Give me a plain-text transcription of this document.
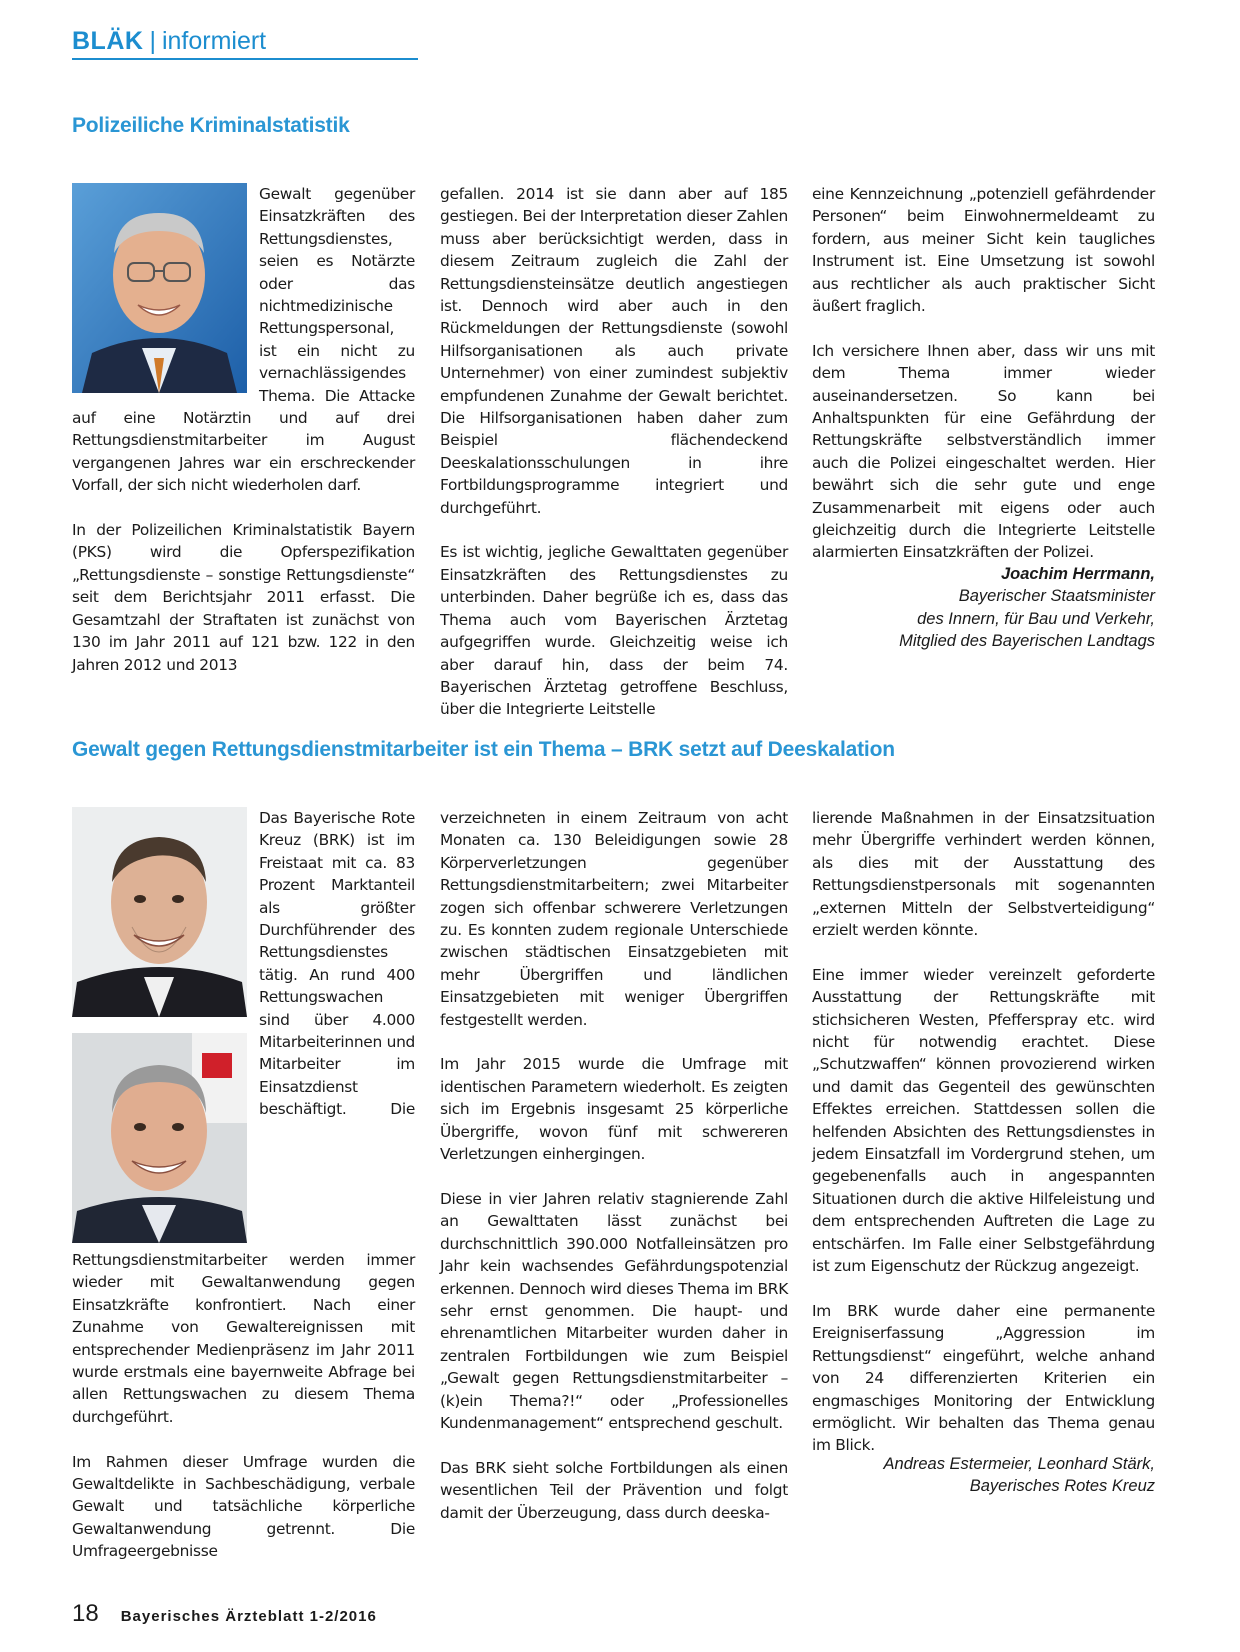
BLÄK | informiert
Polizeiliche Kriminalstatistik

Gewalt gegenüber Einsatzkräften des Rettungsdienstes, seien es Notärzte oder das nichtmedizinische Rettungspersonal, ist ein nicht zu vernachlässigendes Thema. Die Attacke auf eine Notärztin und auf drei Rettungsdienstmitarbeiter im August vergangenen Jahres war ein erschreckender Vorfall, der sich nicht wiederholen darf.

In der Polizeilichen Kriminalstatistik Bayern (PKS) wird die Opferspezifikation „Rettungsdienste – sonstige Rettungsdienste“ seit dem Berichtsjahr 2011 erfasst. Die Gesamtzahl der Straftaten ist zunächst von 130 im Jahr 2011 auf 121 bzw. 122 in den Jahren 2012 und 2013

gefallen. 2014 ist sie dann aber auf 185 gestiegen. Bei der Interpretation dieser Zahlen muss aber berücksichtigt werden, dass in diesem Zeitraum zugleich die Zahl der Rettungsdiensteinsätze deutlich angestiegen ist. Dennoch wird aber auch in den Rückmeldungen der Rettungsdienste (sowohl Hilfsorganisationen als auch private Unternehmer) von einer zumindest subjektiv empfundenen Zunahme der Gewalt berichtet. Die Hilfsorganisationen haben daher zum Beispiel flächendeckend Deeskalationsschulungen in ihre Fortbildungsprogramme integriert und durchgeführt.

Es ist wichtig, jegliche Gewalttaten gegenüber Einsatzkräften des Rettungsdienstes zu unterbinden. Daher begrüße ich es, dass das Thema auch vom Bayerischen Ärztetag aufgegriffen wurde. Gleichzeitig weise ich aber darauf hin, dass der beim 74. Bayerischen Ärztetag getroffene Beschluss, über die Integrierte Leitstelle

eine Kennzeichnung „potenziell gefährdender Personen“ beim Einwohnermeldeamt zu fordern, aus meiner Sicht kein taugliches Instrument ist. Eine Umsetzung ist sowohl aus rechtlicher als auch praktischer Sicht äußert fraglich.

Ich versichere Ihnen aber, dass wir uns mit dem Thema immer wieder auseinandersetzen. So kann bei Anhaltspunkten für eine Gefährdung der Rettungskräfte selbstverständlich immer auch die Polizei eingeschaltet werden. Hier bewährt sich die sehr gute und enge Zusammenarbeit mit eigens oder auch gleichzeitig durch die Integrierte Leitstelle alarmierten Einsatzkräften der Polizei.

Joachim Herrmann,
Bayerischer Staatsminister
des Innern, für Bau und Verkehr,
Mitglied des Bayerischen Landtags
Gewalt gegen Rettungsdienstmitarbeiter ist ein Thema – BRK setzt auf Deeskalation

Das Bayerische Rote Kreuz (BRK) ist im Freistaat mit ca. 83 Prozent Marktanteil als größter Durchführender des Rettungsdienstes tätig. An rund 400 Rettungswachen sind über 4.000 Mitarbeiterinnen und Mitarbeiter im Einsatzdienst beschäftigt. Die Rettungsdienstmitarbeiter werden immer wieder mit Gewaltanwendung gegen Einsatzkräfte konfrontiert. Nach einer Zunahme von Gewaltereignissen mit entsprechender Medienpräsenz im Jahr 2011 wurde erstmals eine bayernweite Abfrage bei allen Rettungswachen zu diesem Thema durchgeführt.

Im Rahmen dieser Umfrage wurden die Gewaltdelikte in Sachbeschädigung, verbale Gewalt und tatsächliche körperliche Gewaltanwendung getrennt. Die Umfrageergebnisse

verzeichneten in einem Zeitraum von acht Monaten ca. 130 Beleidigungen sowie 28 Körperverletzungen gegenüber Rettungsdienstmitarbeitern; zwei Mitarbeiter zogen sich offenbar schwerere Verletzungen zu. Es konnten zudem regionale Unterschiede zwischen städtischen Einsatzgebieten mit mehr Übergriffen und ländlichen Einsatzgebieten mit weniger Übergriffen festgestellt werden.

Im Jahr 2015 wurde die Umfrage mit identischen Parametern wiederholt. Es zeigten sich im Ergebnis insgesamt 25 körperliche Übergriffe, wovon fünf mit schwereren Verletzungen einhergingen.

Diese in vier Jahren relativ stagnierende Zahl an Gewalttaten lässt zunächst bei durchschnittlich 390.000 Notfalleinsätzen pro Jahr kein wachsendes Gefährdungspotenzial erkennen. Dennoch wird dieses Thema im BRK sehr ernst genommen. Die haupt- und ehrenamtlichen Mitarbeiter wurden daher in zentralen Fortbildungen wie zum Beispiel „Gewalt gegen Rettungsdienstmitarbeiter – (k)ein Thema?!“ oder „Professionelles Kundenmanagement“ entsprechend geschult.

Das BRK sieht solche Fortbildungen als einen wesentlichen Teil der Prävention und folgt damit der Überzeugung, dass durch deeska-

lierende Maßnahmen in der Einsatzsituation mehr Übergriffe verhindert werden können, als dies mit der Ausstattung des Rettungsdienstpersonals mit sogenannten „externen Mitteln der Selbstverteidigung“ erzielt werden könnte.

Eine immer wieder vereinzelt geforderte Ausstattung der Rettungskräfte mit stichsicheren Westen, Pfefferspray etc. wird nicht für notwendig erachtet. Diese „Schutzwaffen“ können provozierend wirken und damit das Gegenteil des gewünschten Effektes erreichen. Stattdessen sollen die helfenden Absichten des Rettungsdienstes in jedem Einsatzfall im Vordergrund stehen, um gegebenenfalls auch in angespannten Situationen durch die aktive Hilfeleistung und dem entsprechenden Auftreten die Lage zu entschärfen. Im Falle einer Selbstgefährdung ist zum Eigenschutz der Rückzug angezeigt.

Im BRK wurde daher eine permanente Ereigniserfassung „Aggression im Rettungsdienst“ eingeführt, welche anhand von 24 differenzierten Kriterien ein engmaschiges Monitoring der Entwicklung ermöglicht. Wir behalten das Thema genau im Blick.

Andreas Estermeier, Leonhard Stärk,
Bayerisches Rotes Kreuz
18 Bayerisches Ärzteblatt 1-2/2016
